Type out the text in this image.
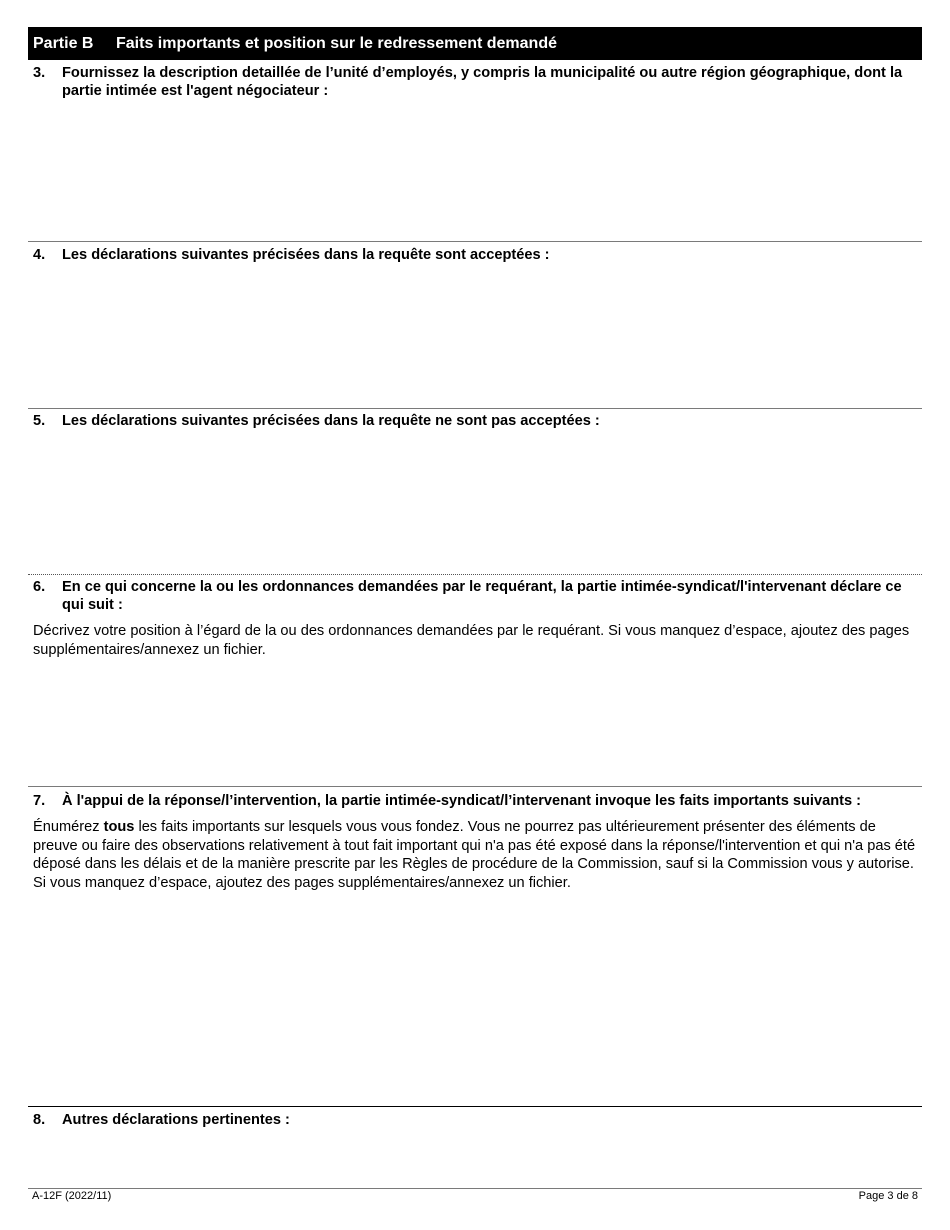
Partie B Faits importants et position sur le redressement demandé
3. Fournissez la description detaillée de l’unité d’employés, y compris la municipalité ou autre région géographique, dont la partie intimée est l'agent négociateur :
4. Les déclarations suivantes précisées dans la requête sont acceptées :
5. Les déclarations suivantes précisées dans la requête ne sont pas acceptées :
6. En ce qui concerne la ou les ordonnances demandées par le requérant, la partie intimée-syndicat/l'intervenant déclare ce qui suit :
Décrivez votre position à l’égard de la ou des ordonnances demandées par le requérant. Si vous manquez d’espace, ajoutez des pages supplémentaires/annexez un fichier.
7. À l'appui de la réponse/l’intervention, la partie intimée-syndicat/l’intervenant invoque les faits importants suivants :
Énumérez tous les faits importants sur lesquels vous vous fondez. Vous ne pourrez pas ultérieurement présenter des éléments de preuve ou faire des observations relativement à tout fait important qui n'a pas été exposé dans la réponse/l'intervention et qui n'a pas été déposé dans les délais et de la manière prescrite par les Règles de procédure de la Commission, sauf si la Commission vous y autorise. Si vous manquez d’espace, ajoutez des pages supplémentaires/annexez un fichier.
8. Autres déclarations pertinentes :
A-12F (2022/11)	Page 3 de 8
